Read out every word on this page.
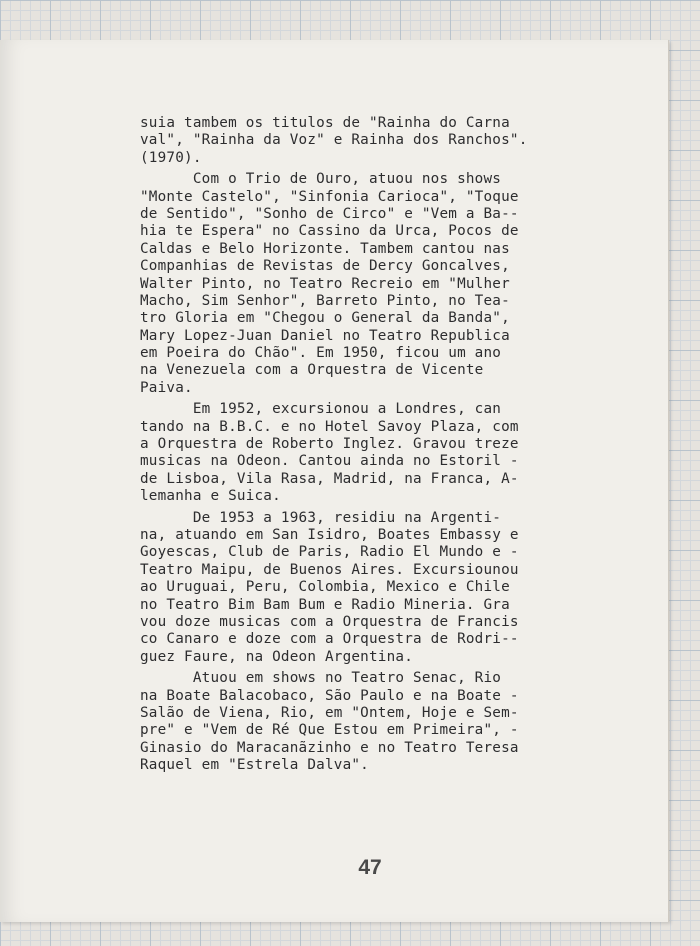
suia tambem os titulos de "Rainha do Carna
val", "Rainha da Voz" e Rainha dos Ranchos".
(1970).
Com o Trio de Ouro, atuou nos shows
"Monte Castelo", "Sinfonia Carioca", "Toque
de Sentido", "Sonho de Circo" e "Vem a Ba--
hia te Espera" no Cassino da Urca, Pocos de
Caldas e Belo Horizonte. Tambem cantou nas
Companhias de Revistas de Dercy Goncalves,
Walter Pinto, no Teatro Recreio em "Mulher
Macho, Sim Senhor", Barreto Pinto, no Tea-
tro Gloria em "Chegou o General da Banda",
Mary Lopez-Juan Daniel no Teatro Republica
em Poeira do Chão". Em 1950, ficou um ano
na Venezuela com a Orquestra de Vicente
Paiva.
Em 1952, excursionou a Londres, can
tando na B.B.C. e no Hotel Savoy Plaza, com
a Orquestra de Roberto Inglez. Gravou treze
musicas na Odeon. Cantou ainda no Estoril -
de Lisboa, Vila Rasa, Madrid, na Franca, A-
lemanha e Suica.
De 1953 a 1963, residiu na Argenti-
na, atuando em San Isidro, Boates Embassy e
Goyescas, Club de Paris, Radio El Mundo e -
Teatro Maipu, de Buenos Aires. Excursiounou
ao Uruguai, Peru, Colombia, Mexico e Chile
no Teatro Bim Bam Bum e Radio Mineria. Gra
vou doze musicas com a Orquestra de Francis
co Canaro e doze com a Orquestra de Rodri--
guez Faure, na Odeon Argentina.
Atuou em shows no Teatro Senac, Rio
na Boate Balacobaco, São Paulo e na Boate -
Salão de Viena, Rio, em "Ontem, Hoje e Sem-
pre" e "Vem de Ré Que Estou em Primeira", -
Ginasio do Maracanãzinho e no Teatro Teresa
Raquel em "Estrela Dalva".
47
